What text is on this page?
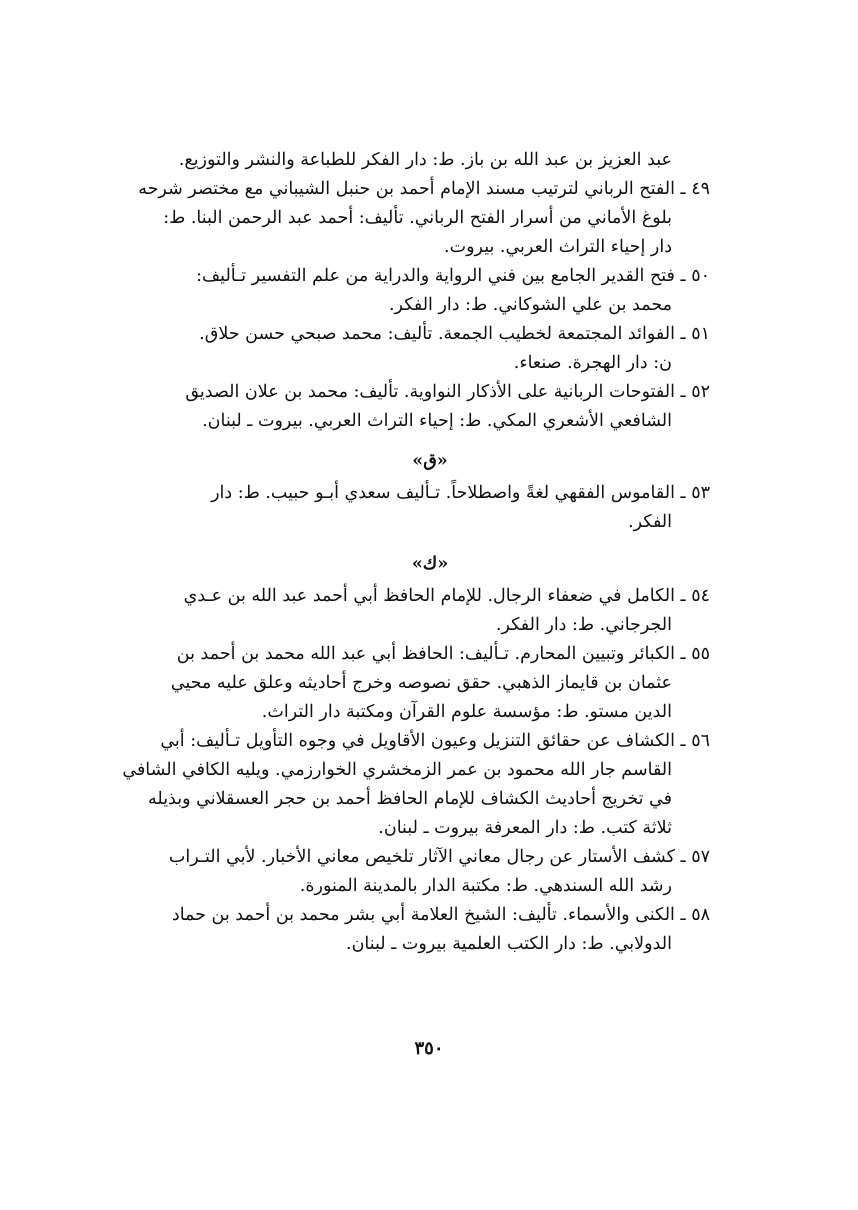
عبد العزيز بن عبد الله بن باز. ط: دار الفكر للطباعة والنشر والتوزيع.
٤٩ ـ الفتح الرباني لترتيب مسند الإمام أحمد بن حنبل الشيباني مع مختصر شرحه
بلوغ الأماني من أسرار الفتح الرباني. تأليف: أحمد عبد الرحمن البنا. ط:
دار إحياء التراث العربي. بيروت.
٥٠ ـ فتح القدير الجامع بين فني الرواية والدراية من علم التفسير تـأليف:
محمد بن علي الشوكاني. ط: دار الفكر.
٥١ ـ الفوائد المجتمعة لخطيب الجمعة. تأليف: محمد صبحي حسن حلاق.
ن: دار الهجرة. صنعاء.
٥٢ ـ الفتوحات الربانية على الأذكار النواوية. تأليف: محمد بن علان الصديق
الشافعي الأشعري المكي. ط: إحياء التراث العربي. بيروت ـ لبنان.
«ق»
٥٣ ـ القاموس الفقهي لغةً واصطلاحاً. تـأليف سعدي أبـو حبيب. ط: دار
الفكر.
«ك»
٥٤ ـ الكامل في ضعفاء الرجال. للإمام الحافظ أبي أحمد عبد الله بن عـدي
الجرجاني. ط: دار الفكر.
٥٥ ـ الكبائر وتبيين المحارم. تـأليف: الحافظ أبي عبد الله محمد بن أحمد بن
عثمان بن قايماز الذهبي. حقق نصوصه وخرج أحاديثه وعلق عليه محيي
الدين مستو. ط: مؤسسة علوم القرآن ومكتبة دار التراث.
٥٦ ـ الكشاف عن حقائق التنزيل وعيون الأقاويل في وجوه التأويل تـأليف: أبي
القاسم جار الله محمود بن عمر الزمخشري الخوارزمي. ويليه الكافي الشافي
في تخريج أحاديث الكشاف للإمام الحافظ أحمد بن حجر العسقلاني وبذيله
ثلاثة كتب. ط: دار المعرفة بيروت ـ لبنان.
٥٧ ـ كشف الأستار عن رجال معاني الآثار تلخيص معاني الأخبار. لأبي التـراب
رشد الله السندهي. ط: مكتبة الدار بالمدينة المنورة.
٥٨ ـ الكنى والأسماء. تأليف: الشيخ العلامة أبي بشر محمد بن أحمد بن حماد
الدولابي. ط: دار الكتب العلمية بيروت ـ لبنان.
٣٥٠
